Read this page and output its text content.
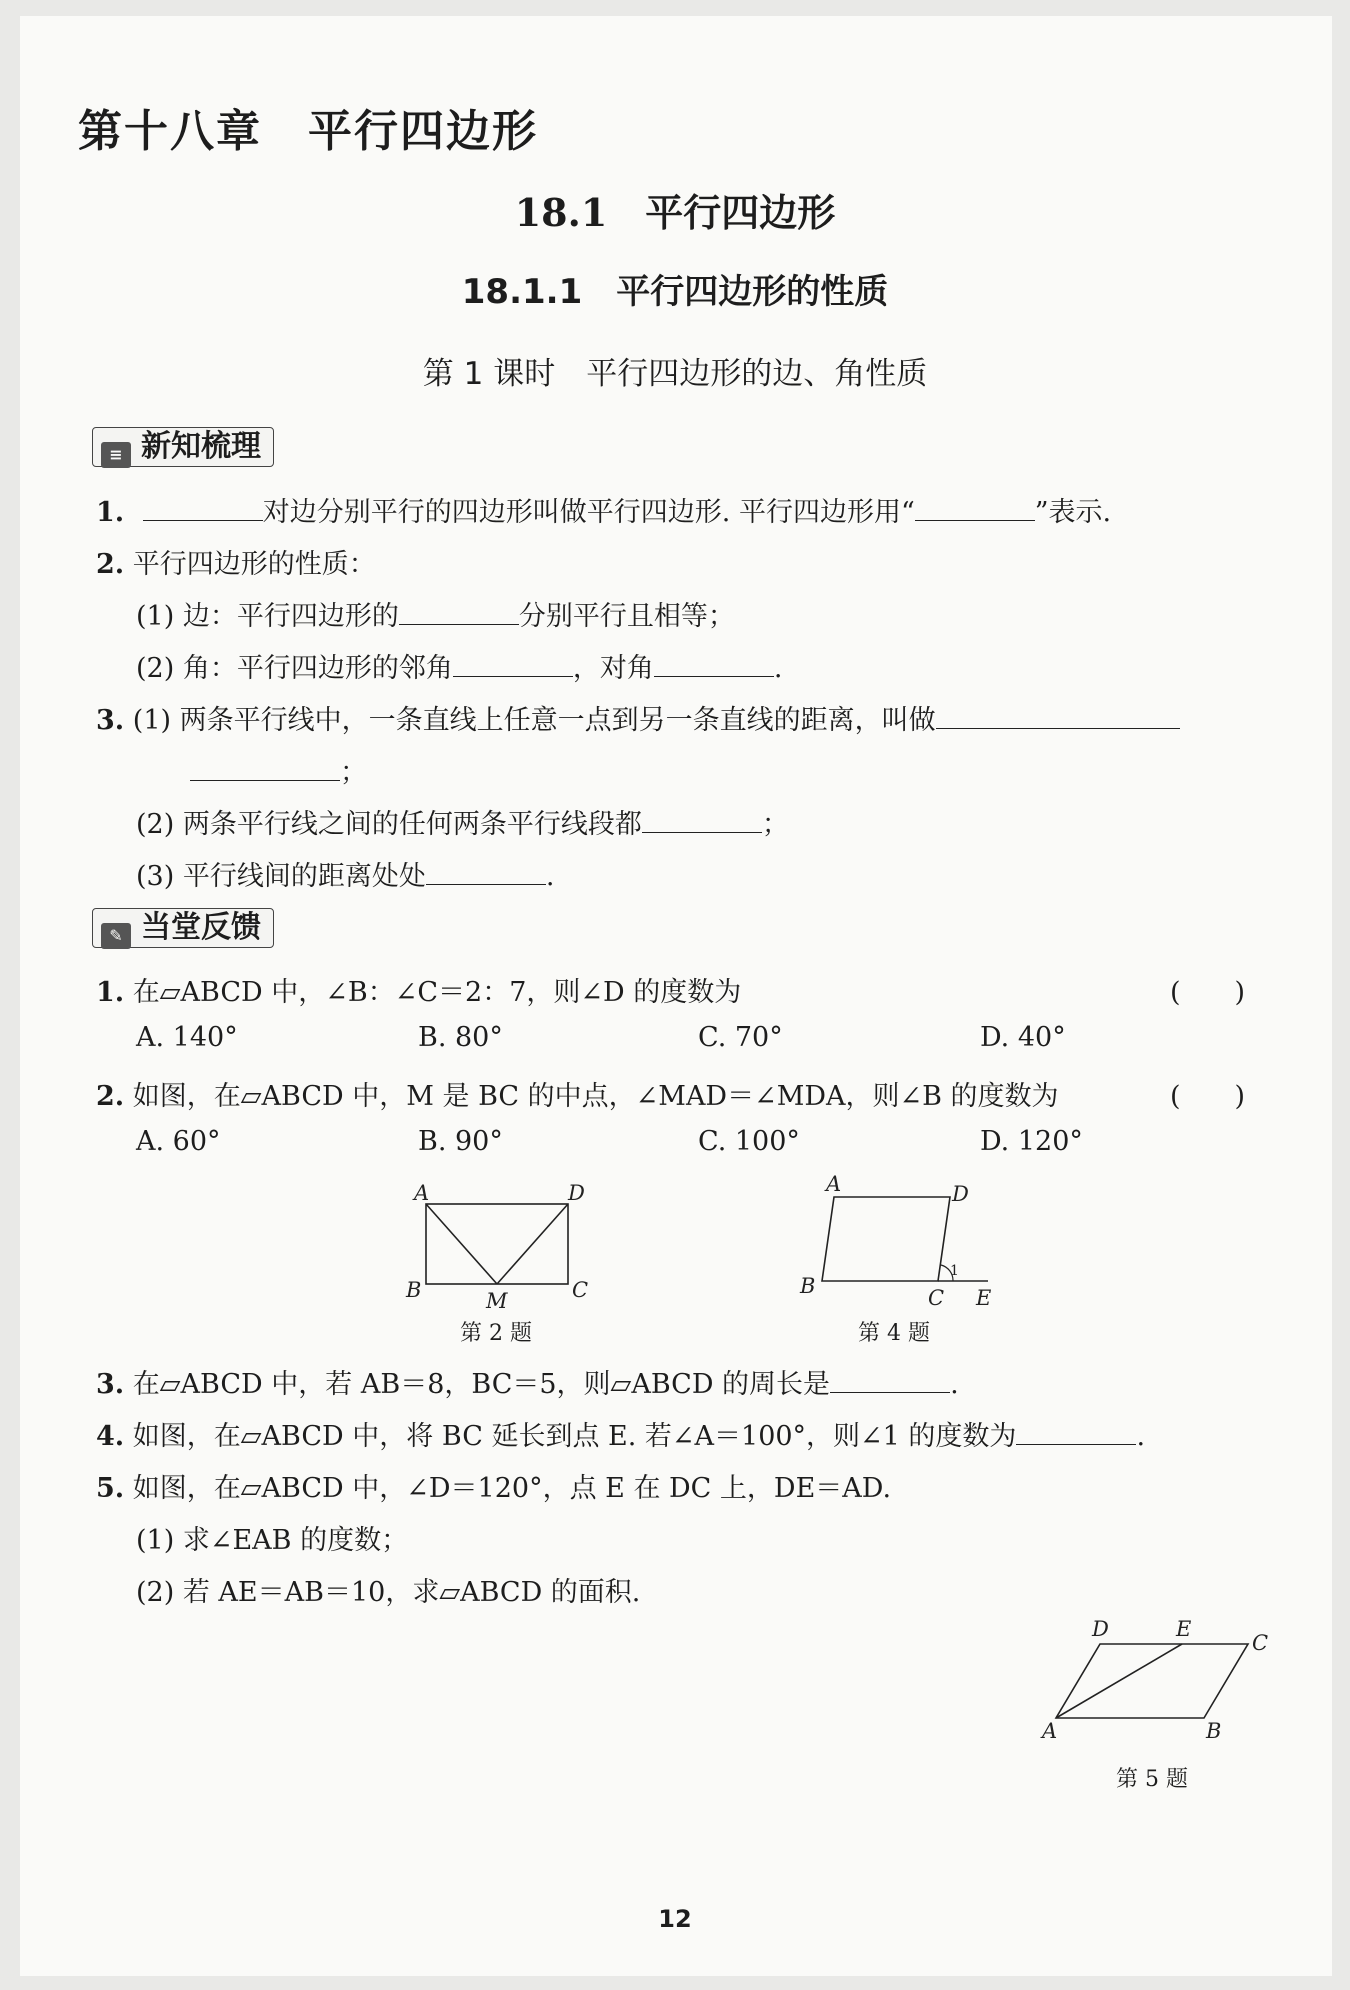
第十八章　平行四边形
18.1　平行四边形
18.1.1　平行四边形的性质
第 1 课时　平行四边形的边、角性质
≡ 新知梳理
1.	对边分别平行的四边形叫做平行四边形. 平行四边形用“	”表示.
2. 平行四边形的性质：
(1) 边：平行四边形的	分别平行且相等；
(2) 角：平行四边形的邻角	，对角	.
3. (1) 两条平行线中，一条直线上任意一点到另一条直线的距离，叫做
；
(2) 两条平行线之间的任何两条平行线段都	；
(3) 平行线间的距离处处	.
✎ 当堂反馈
1. 在▱ABCD 中，∠B：∠C＝2：7，则∠D 的度数为	(　　)
A. 140°	B. 80°	C. 70°	D. 40°
2. 如图，在▱ABCD 中，M 是 BC 的中点，∠MAD＝∠MDA，则∠B 的度数为	(　　)
A. 60°	B. 90°	C. 100°	D. 120°
A	D
B	M	C
第 2 题
A	D
B	C E
1
第 4 题
3. 在▱ABCD 中，若 AB＝8，BC＝5，则▱ABCD 的周长是	.
4. 如图，在▱ABCD 中，将 BC 延长到点 E. 若∠A＝100°，则∠1 的度数为	.
5. 如图，在▱ABCD 中，∠D＝120°，点 E 在 DC 上，DE＝AD.
(1) 求∠EAB 的度数；
(2) 若 AE＝AB＝10，求▱ABCD 的面积.
D	E
C
A	B
第 5 题
12
